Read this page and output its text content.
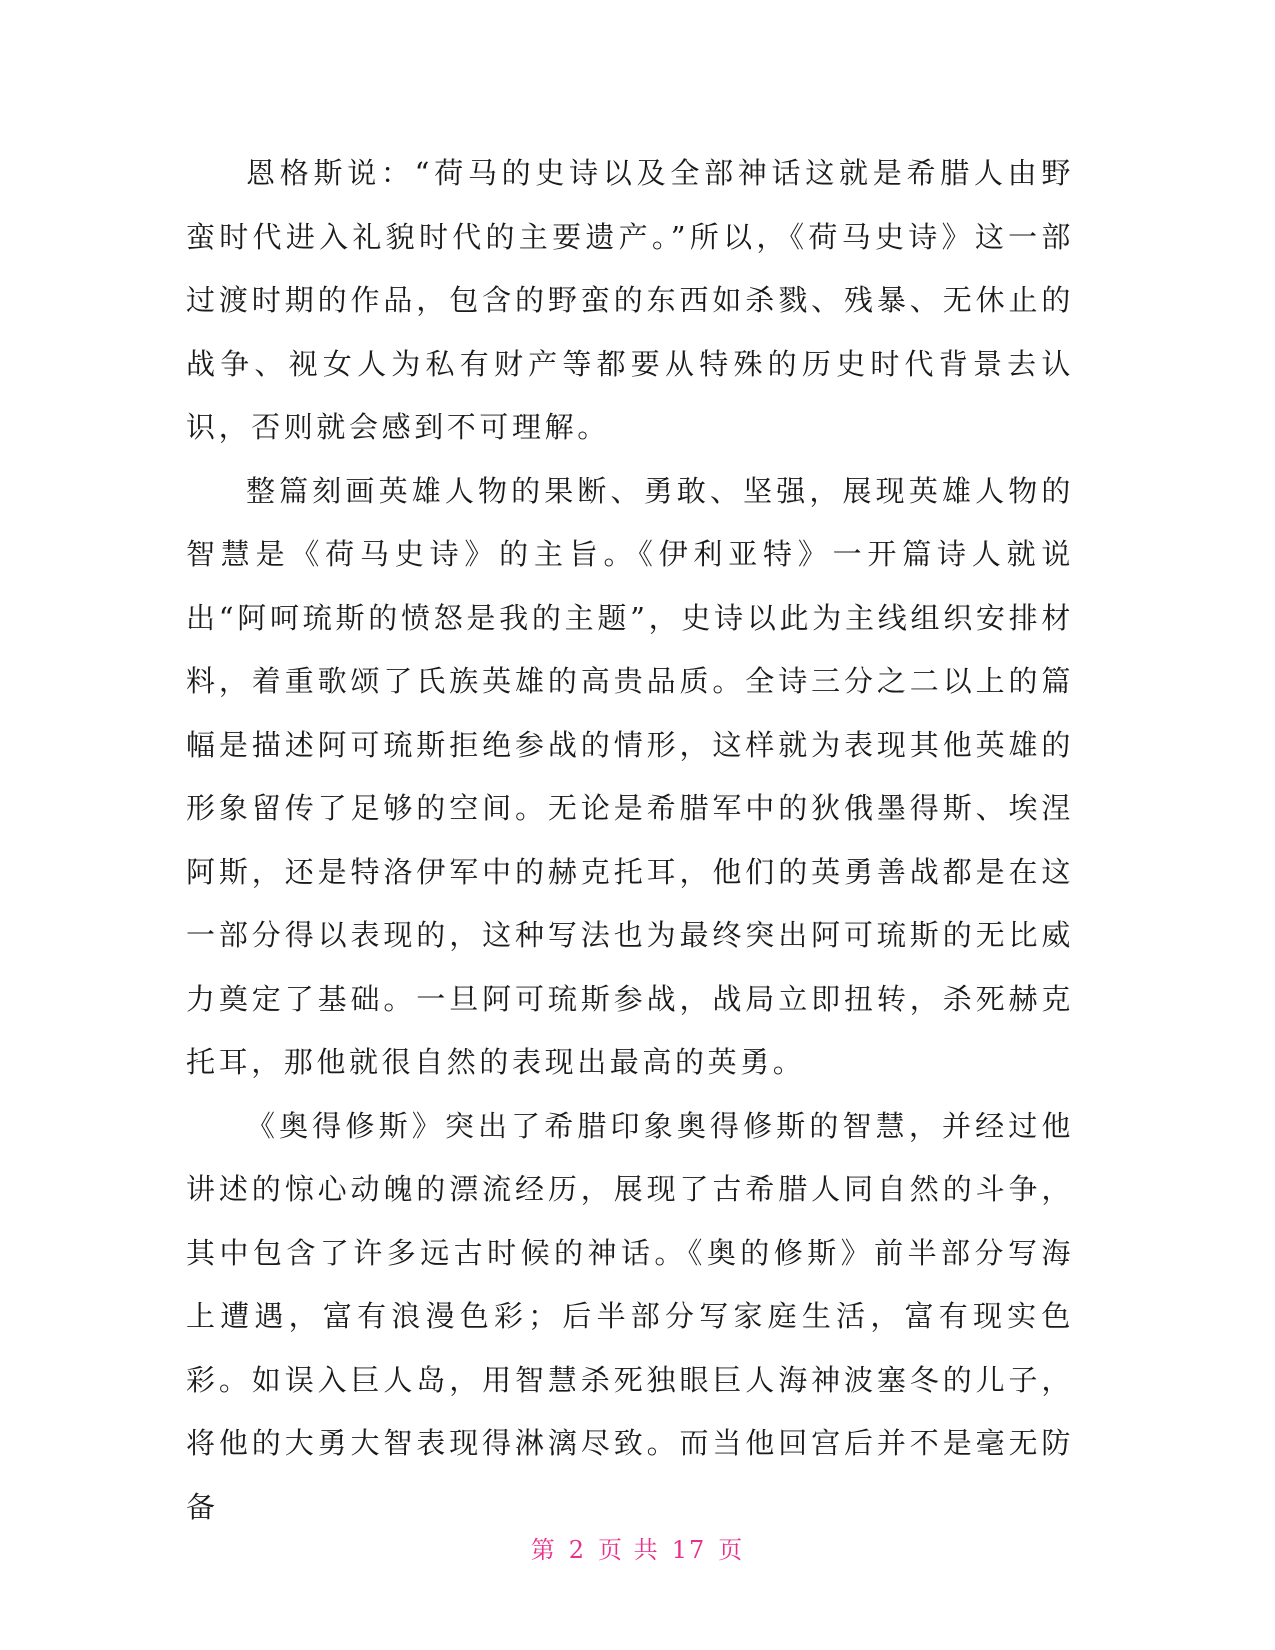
恩格斯说：“荷马的史诗以及全部神话这就是希腊人由野蛮时代进入礼貌时代的主要遗产。”所以，《荷马史诗》这一部过渡时期的作品，包含的野蛮的东西如杀戮、残暴、无休止的战争、视女人为私有财产等都要从特殊的历史时代背景去认识，否则就会感到不可理解。

整篇刻画英雄人物的果断、勇敢、坚强，展现英雄人物的智慧是《荷马史诗》的主旨。《伊利亚特》一开篇诗人就说出“阿呵琉斯的愤怒是我的主题”，史诗以此为主线组织安排材料，着重歌颂了氏族英雄的高贵品质。全诗三分之二以上的篇幅是描述阿可琉斯拒绝参战的情形，这样就为表现其他英雄的形象留传了足够的空间。无论是希腊军中的狄俄墨得斯、埃涅阿斯，还是特洛伊军中的赫克托耳，他们的英勇善战都是在这一部分得以表现的，这种写法也为最终突出阿可琉斯的无比威力奠定了基础。一旦阿可琉斯参战，战局立即扭转，杀死赫克托耳，那他就很自然的表现出最高的英勇。

《奥得修斯》突出了希腊印象奥得修斯的智慧，并经过他讲述的惊心动魄的漂流经历，展现了古希腊人同自然的斗争，其中包含了许多远古时候的神话。《奥的修斯》前半部分写海上遭遇，富有浪漫色彩；后半部分写家庭生活，富有现实色彩。如误入巨人岛，用智慧杀死独眼巨人海神波塞冬的儿子，将他的大勇大智表现得淋漓尽致。而当他回宫后并不是毫无防备

第 2 页 共 17 页
